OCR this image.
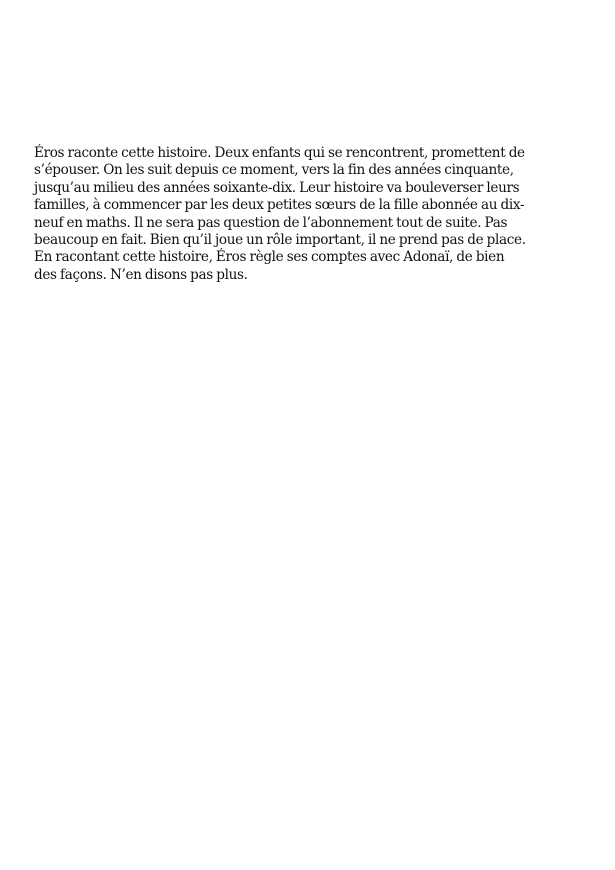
Éros raconte cette histoire. Deux enfants qui se rencontrent, promettent de
s’épouser. On les suit depuis ce moment, vers la fin des années cinquante,
jusqu’au milieu des années soixante-dix. Leur histoire va bouleverser leurs
familles, à commencer par les deux petites sœurs de la fille abonnée au dix-
neuf en maths. Il ne sera pas question de l’abonnement tout de suite. Pas
beaucoup en fait. Bien qu’il joue un rôle important, il ne prend pas de place.
En racontant cette histoire, Éros règle ses comptes avec Adonaï, de bien
des façons. N’en disons pas plus.
